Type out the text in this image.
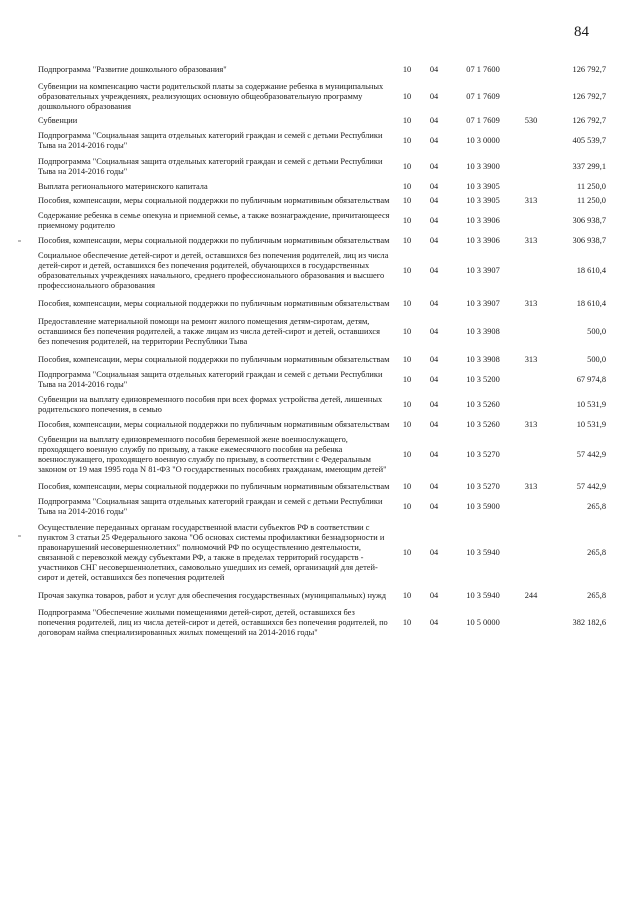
84
Подпрограмма "Развитие дошкольного образования"	10	04	07 1 7600	126 792,7
Субвенции на компенсацию части родительской платы за содержание ребенка в муниципальных образовательных учреждениях, реализующих основную общеобразовательную программу дошкольного образования
10	04	07 1 7609	126 792,7
Субвенции	10	04	07 1 7609	530	126 792,7
Подпрограмма "Социальная защита отдельных категорий граждан и семей с детьми Республики Тыва на 2014-2016 годы"
10	04	10 3 0000	405 539,7
Подпрограмма "Социальная защита отдельных категорий граждан и семей с детьми Республики Тыва на 2014-2016 годы"
10	04	10 3 3900	337 299,1
Выплата регионального материнского капитала	10	04	10 3 3905	11 250,0
Пособия, компенсации, меры социальной поддержки по публичным нормативным обязательствам	10	04	10 3 3905	313	11 250,0
Содержание ребенка в семье опекуна и приемной семье, а также вознаграждение, причитающееся приемному родителю
10	04	10 3 3906	306 938,7
Пособия, компенсации, меры социальной поддержки по публичным нормативным обязательствам	10	04	10 3 3906	313	306 938,7
Социальное обеспечение детей-сирот и детей, оставшихся без попечения родителей, лиц из числа детей-сирот и детей, оставшихся без попечения родителей, обучающихся в государственных образовательных учреждениях начального, среднего профессионального образования и высшего профессионального образования
10	04	10 3 3907	18 610,4
Пособия, компенсации, меры социальной поддержки по публичным нормативным обязательствам	10	04	10 3 3907	313	18 610,4
Предоставление материальной помощи на ремонт жилого помещения детям-сиротам, детям, оставшимся без попечения родителей, а также лицам из числа детей-сирот и детей, оставшихся без попечения родителей, на территории Республики Тыва
10	04	10 3 3908	500,0
Пособия, компенсации, меры социальной поддержки по публичным нормативным обязательствам	10	04	10 3 3908	313	500,0
Подпрограмма "Социальная защита отдельных категорий граждан и семей с детьми Республики Тыва на 2014-2016 годы"
10	04	10 3 5200	67 974,8
Субвенции на выплату единовременного пособия при всех формах устройства детей, лишенных родительского попечения, в семью
10	04	10 3 5260	10 531,9
Пособия, компенсации, меры социальной поддержки по публичным нормативным обязательствам	10	04	10 3 5260	313	10 531,9
Субвенции на выплату единовременного пособия беременной жене военнослужащего, проходящего военную службу по призыву, а также ежемесячного пособия на ребенка военнослужащего, проходящего военную службу по призыву, в соответствии с Федеральным законом от 19 мая 1995 года N 81-ФЗ "О государственных пособиях гражданам, имеющим детей"
10	04	10 3 5270	57 442,9
Пособия, компенсации, меры социальной поддержки по публичным нормативным обязательствам	10	04	10 3 5270	313	57 442,9
Подпрограмма "Социальная защита отдельных категорий граждан и семей с детьми Республики Тыва на 2014-2016 годы"
10	04	10 3 5900	265,8
Осуществление переданных органам государственной власти субъектов РФ в соответствии с пунктом 3 статьи 25 Федерального закона "Об основах системы профилактики безнадзорности и правонарушений несовершеннолетних" полномочий РФ по осуществлению деятельности, связанной с перевозкой между субъектами РФ, а также в пределах территорий государств - участников СНГ несовершеннолетних, самовольно ушедших из семей, организаций для детей-сирот и детей, оставшихся без попечения родителей
10	04	10 3 5940	265,8
Прочая закупка товаров, работ и услуг для обеспечения государственных (муниципальных) нужд	10	04	10 3 5940	244	265,8
Подпрограмма "Обеспечение жилыми помещениями детей-сирот, детей, оставшихся без попечения родителей, лиц из числа детей-сирот и детей, оставшихся без попечения родителей, по договорам найма специализированных жилых помещений на 2014-2016 годы"
10	04	10 5 0000	382 182,6
